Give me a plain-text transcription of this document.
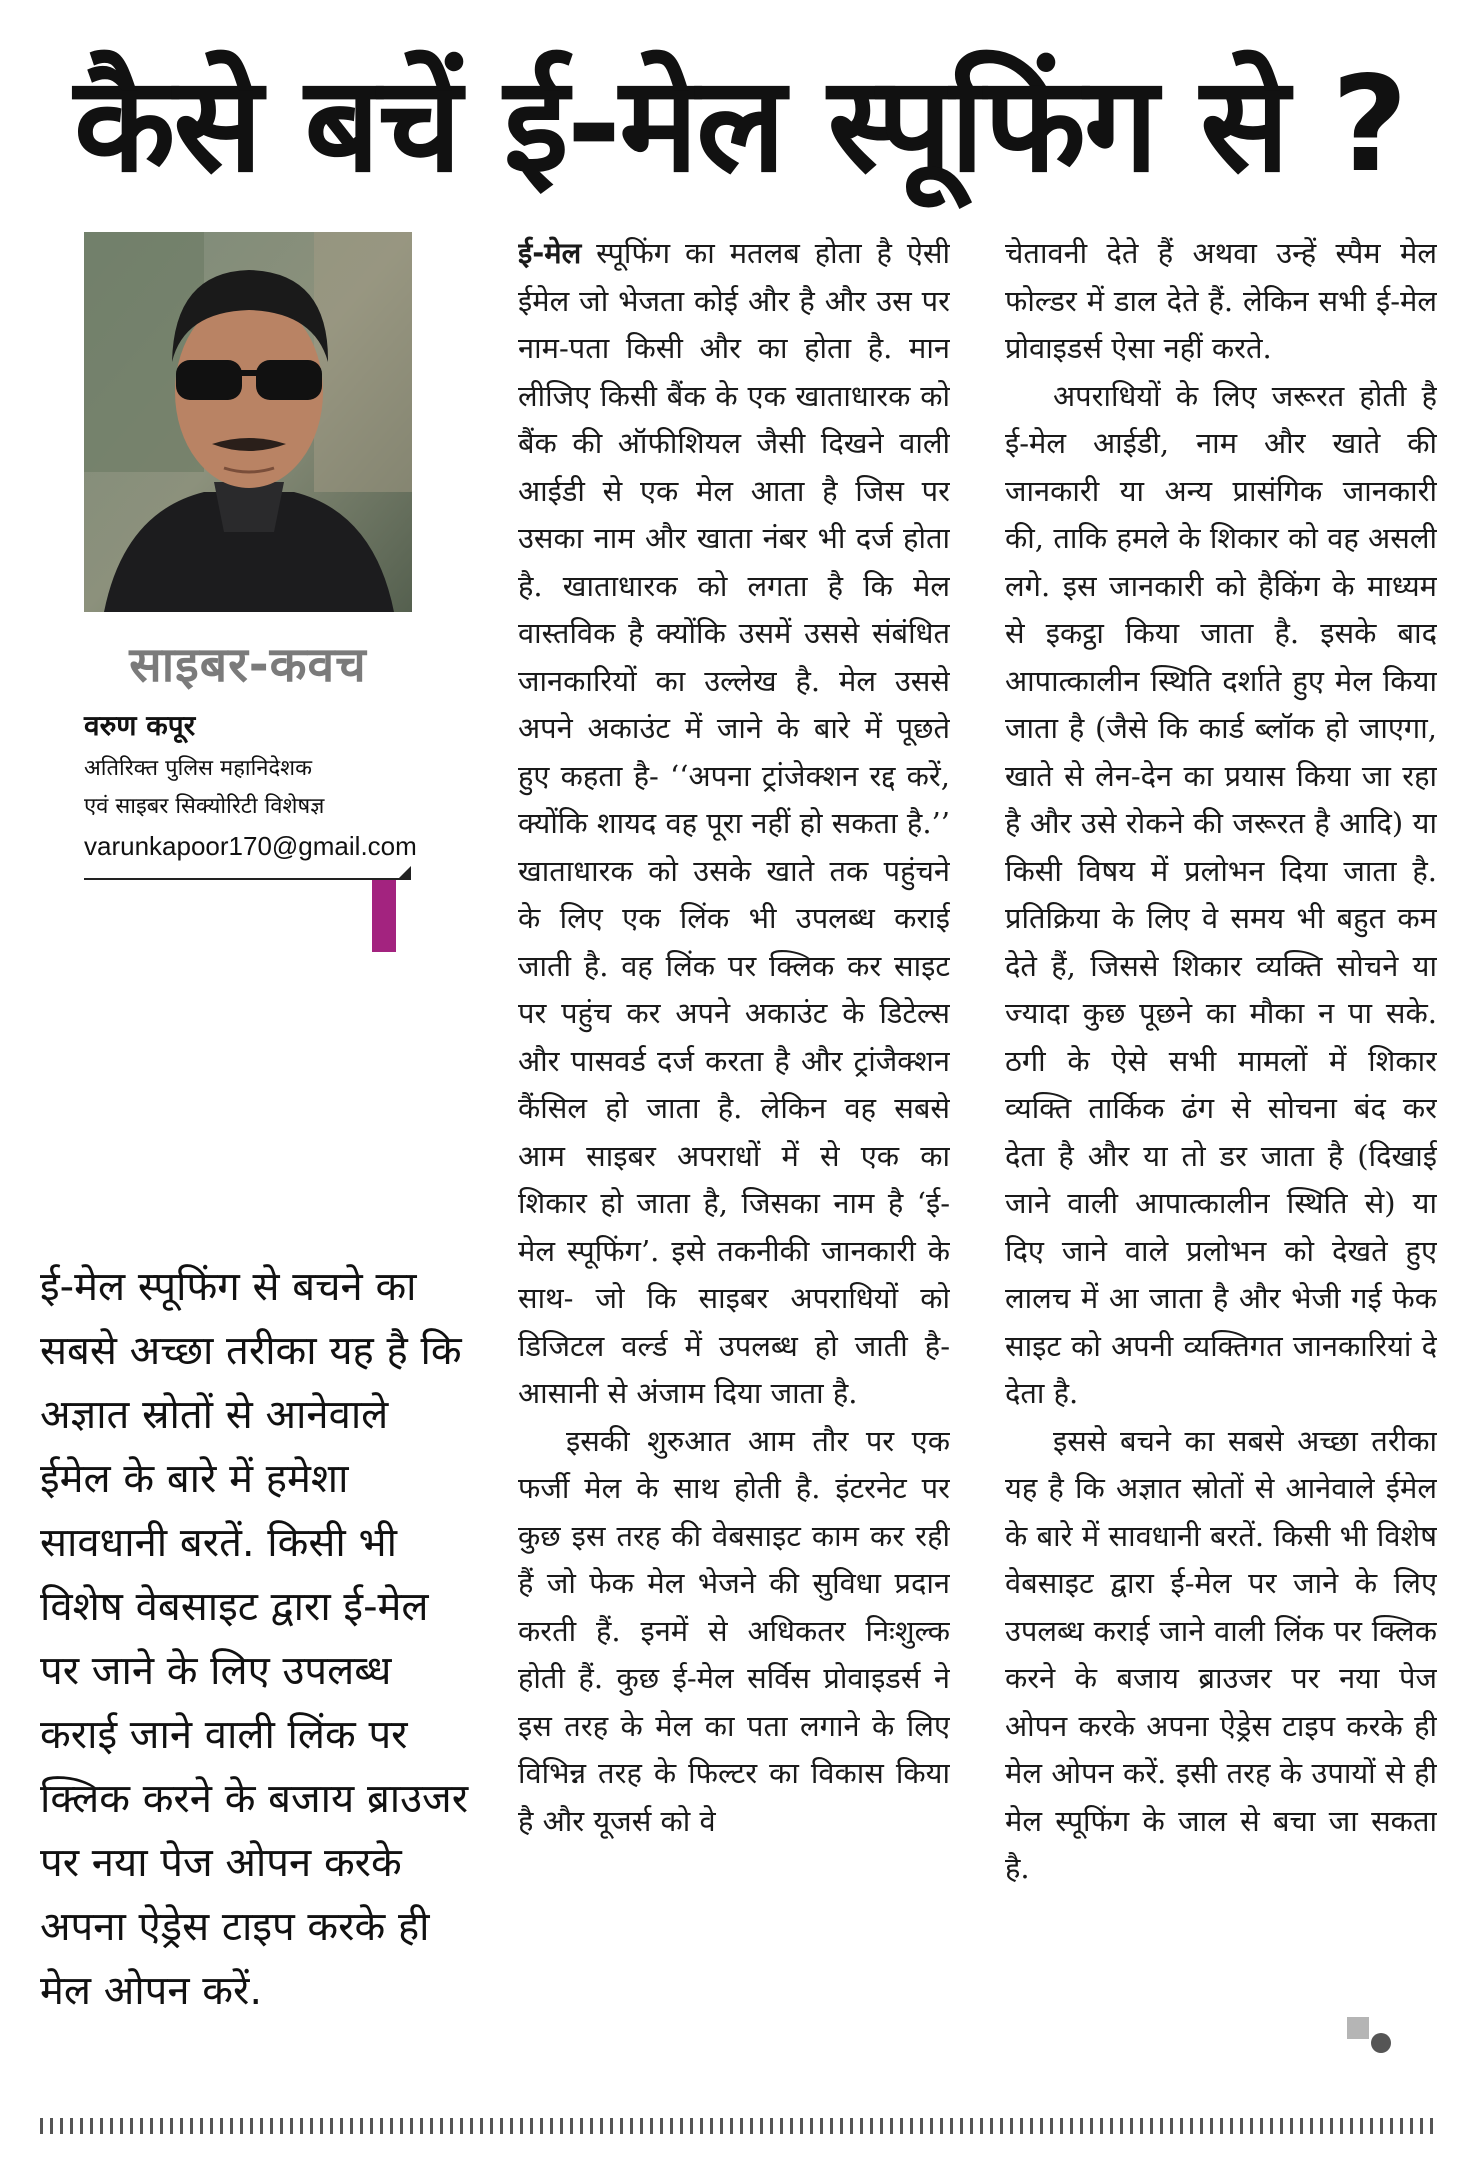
कैसे बचें ई-मेल स्पूफिंग से ?
साइबर-कवच
वरुण कपूर
अतिरिक्त पुलिस महानिदेशक
एवं साइबर सिक्योरिटी विशेषज्ञ
varunkapoor170@gmail.com
ई-मेल स्पूफिंग से बचने का सबसे अच्छा तरीका यह है कि अज्ञात स्रोतों से आनेवाले ईमेल के बारे में हमेशा सावधानी बरतें. किसी भी विशेष वेबसाइट द्वारा ई-मेल पर जाने के लिए उपलब्ध कराई जाने वाली लिंक पर क्लिक करने के बजाय ब्राउजर पर नया पेज ओपन करके अपना ऐड्रेस टाइप करके ही मेल ओपन करें.

ई-मेल स्पूफिंग का मतलब होता है ऐसी ईमेल जो भेजता कोई और है और उस पर नाम-पता किसी और का होता है. मान लीजिए किसी बैंक के एक खाताधारक को बैंक की ऑफीशियल जैसी दिखने वाली आईडी से एक मेल आता है जिस पर उसका नाम और खाता नंबर भी दर्ज होता है. खाताधारक को लगता है कि मेल वास्तविक है क्योंकि उसमें उससे संबंधित जानकारियों का उल्लेख है. मेल उससे अपने अकाउंट में जाने के बारे में पूछते हुए कहता है- ‘‘अपना ट्रांजेक्शन रद्द करें, क्योंकि शायद वह पूरा नहीं हो सकता है.’’ खाताधारक को उसके खाते तक पहुंचने के लिए एक लिंक भी उपलब्ध कराई जाती है. वह लिंक पर क्लिक कर साइट पर पहुंच कर अपने अकाउंट के डिटेल्स और पासवर्ड दर्ज करता है और ट्रांजैक्शन कैंसिल हो जाता है. लेकिन वह सबसे आम साइबर अपराधों में से एक का शिकार हो जाता है, जिसका नाम है ‘ई-मेल स्पूफिंग’. इसे तकनीकी जानकारी के साथ- जो कि साइबर अपराधियों को डिजिटल वर्ल्ड में उपलब्ध हो जाती है- आसानी से अंजाम दिया जाता है.

इसकी शुरुआत आम तौर पर एक फर्जी मेल के साथ होती है. इंटरनेट पर कुछ इस तरह की वेबसाइट काम कर रही हैं जो फेक मेल भेजने की सुविधा प्रदान करती हैं. इनमें से अधिकतर निःशुल्क होती हैं. कुछ ई-मेल सर्विस प्रोवाइडर्स ने इस तरह के मेल का पता लगाने के लिए विभिन्न तरह के फिल्टर का विकास किया है और यूजर्स को वे

चेतावनी देते हैं अथवा उन्हें स्पैम मेल फोल्डर में डाल देते हैं. लेकिन सभी ई-मेल प्रोवाइडर्स ऐसा नहीं करते.

अपराधियों के लिए जरूरत होती है ई-मेल आईडी, नाम और खाते की जानकारी या अन्य प्रासंगिक जानकारी की, ताकि हमले के शिकार को वह असली लगे. इस जानकारी को हैकिंग के माध्यम से इकट्ठा किया जाता है. इसके बाद आपात्कालीन स्थिति दर्शाते हुए मेल किया जाता है (जैसे कि कार्ड ब्लॉक हो जाएगा, खाते से लेन-देन का प्रयास किया जा रहा है और उसे रोकने की जरूरत है आदि) या किसी विषय में प्रलोभन दिया जाता है. प्रतिक्रिया के लिए वे समय भी बहुत कम देते हैं, जिससे शिकार व्यक्ति सोचने या ज्यादा कुछ पूछने का मौका न पा सके. ठगी के ऐसे सभी मामलों में शिकार व्यक्ति तार्किक ढंग से सोचना बंद कर देता है और या तो डर जाता है (दिखाई जाने वाली आपात्कालीन स्थिति से) या दिए जाने वाले प्रलोभन को देखते हुए लालच में आ जाता है और भेजी गई फेक साइट को अपनी व्यक्तिगत जानकारियां दे देता है.

इससे बचने का सबसे अच्छा तरीका यह है कि अज्ञात स्रोतों से आनेवाले ईमेल के बारे में सावधानी बरतें. किसी भी विशेष वेबसाइट द्वारा ई-मेल पर जाने के लिए उपलब्ध कराई जाने वाली लिंक पर क्लिक करने के बजाय ब्राउजर पर नया पेज ओपन करके अपना ऐड्रेस टाइप करके ही मेल ओपन करें. इसी तरह के उपायों से ही मेल स्पूफिंग के जाल से बचा जा सकता है.
